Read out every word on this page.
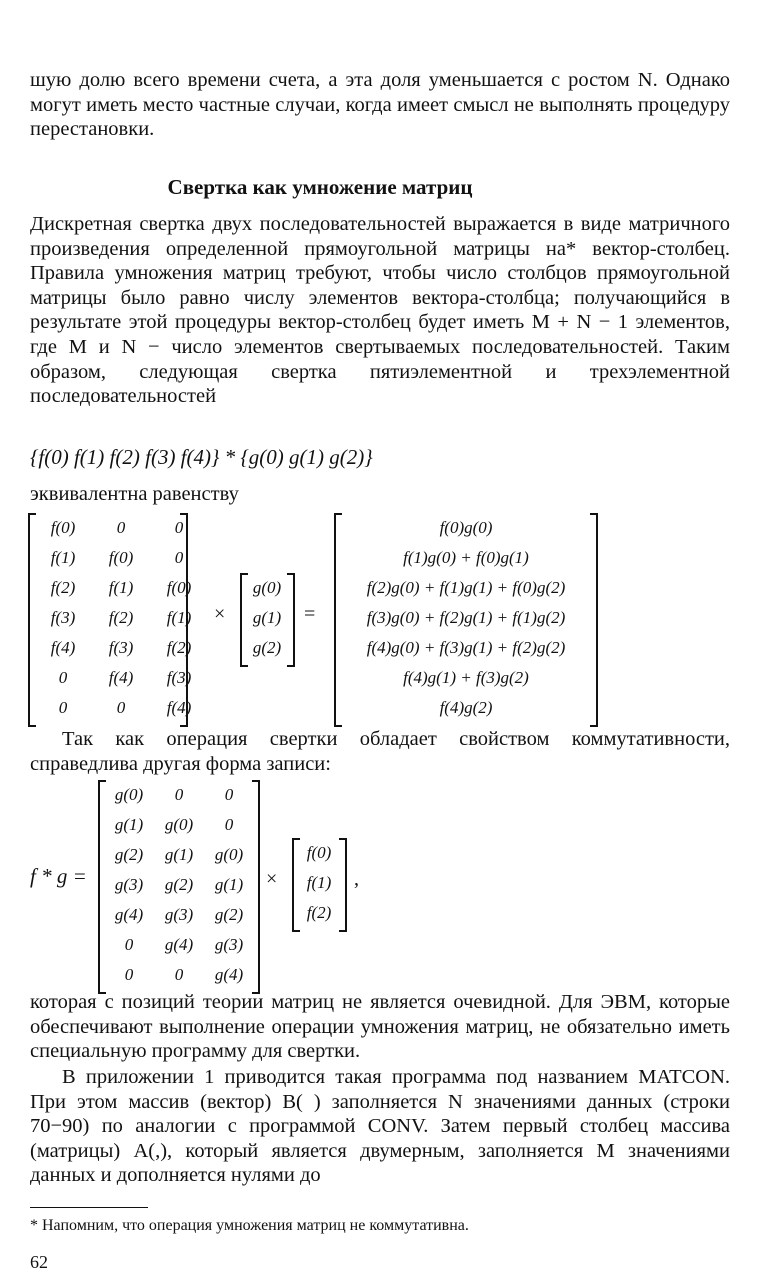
шую долю всего времени счета, а эта доля уменьшается с ростом N. Однако могут иметь место частные случаи, когда имеет смысл не выполнять процедуру перестановки.

Свертка как умножение матриц

Дискретная свертка двух последовательностей выражается в виде матричного произведения определенной прямоугольной матрицы на* вектор-столбец. Правила умножения матриц требуют, чтобы число столбцов прямоугольной матрицы было равно числу элементов вектора-столбца; получающийся в результате этой процедуры вектор-столбец будет иметь M + N − 1 элементов, где M и N − число элементов свертываемых последовательностей. Таким образом, следующая свертка пятиэлементной и трехэлементной последовательностей

{f(0) f(1) f(2) f(3) f(4)} * {g(0) g(1) g(2)}

эквивалентна равенству

f(0)	0	0
f(1)	f(0)	0
f(2)	f(1)	f(0)
f(3)	f(2)	f(1)
f(4)	f(3)	f(2)
0	f(4)	f(3)
0	0	f(4)
×
g(0)
g(1)
g(2)
=
f(0)g(0)
f(1)g(0) + f(0)g(1)
f(2)g(0) + f(1)g(1) + f(0)g(2)
f(3)g(0) + f(2)g(1) + f(1)g(2)
f(4)g(0) + f(3)g(1) + f(2)g(2)
f(4)g(1) + f(3)g(2)
f(4)g(2)

Так как операция свертки обладает свойством коммутативности, справедлива другая форма записи:

f * g =
g(0)	0	0
g(1)	g(0)	0
g(2)	g(1)	g(0)
g(3)	g(2)	g(1)
g(4)	g(3)	g(2)
0	g(4)	g(3)
0	0	g(4)
×
f(0)
f(1)
f(2)
,

которая с позиций теории матриц не является очевидной. Для ЭВМ, которые обеспечивают выполнение операции умножения матриц, не обязательно иметь специальную программу для свертки.

В приложении 1 приводится такая программа под названием MATCON. При этом массив (вектор) B( ) заполняется N значениями данных (строки 70−90) по аналогии с программой CONV. Затем первый столбец массива (матрицы) A(,), который является двумерным, заполняется M значениями данных и дополняется нулями до

* Напомним, что операция умножения матриц не коммутативна.
62
